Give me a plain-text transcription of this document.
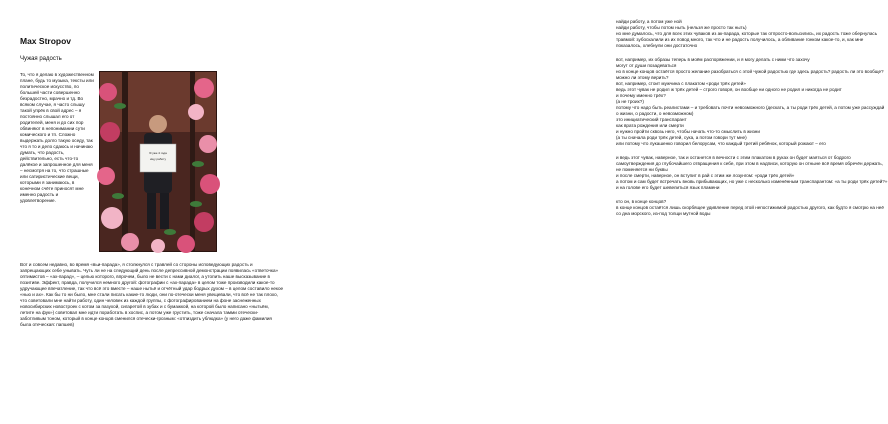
Max Stropov
Чужая радость

То, что я делаю в художественном плане, будь то музыка, тексты или политическое искусство, по большей части совершенно безрадостно, мрачно и тд. Во всяком случае, я часто слышу такой упрёк в свой адрес – я постоянно слышал его от родителей, меня и до сих пор обвиняют в непонимании сути комического и тп. Сложно выдержать долго такую оседу, так что я то и дело сдаюсь и начинаю думать, что радость, действительно, есть что-то далёкое и запрошенное для меня – несмотря на то, что страшные или сатиристические вещи, которыми я занимаюсь, в конечном счёте приносят мне именно радость и удовлетворение.

Я уже 4 года
ищу работу

Вот и совсем недавно, во время «вьи-парада», я столкнулся с травлей со стороны исповедующих радость и запрещающих себе унывать. Чуть ли не на следующий день после депрессивной демонстрации появилась «ответочка» оптимистов – «ах-парад», – целью которого, впрочем, было не вести с нами диалог, а утопить наше высказывание в позитиве. Эффект, правда, получился немного другой: фотографии с «ах-парада» в целом тоже производили какое-то удручающее впечатление, так что всё это вместе – наше нытьё и отчётный удар бодрых духом – в целом составило некое «нью и ах». Как бы то ни было, мне стали писать какие-то люди, они по-отечески меня увещевали, что всё не так плохо, что советовали мне найти работу, один человек из каждой группы, с фотографированием на фоне заснеженных новосибирских новостроек с котом за пазухой, сигаретой в зубах и с бумажкой, на которой было написано «нытьём, летите на фук») советовал мне идти поработать в хоспис, а потом уже грустить, тоже сначала тамми отечески-заботливым тоном, который в конце концов сменился отечески-грозным: «отпиздить ублюдка» (у него даже фамилия была отеческая: папшев)

найди работу, а потом уже ной
найди работу, чтобы потом ныть (нельзя же просто так ныть)
но мне думалось, что для всех этих чуваков из ак-парада, которые так отпросто-вольсились, их радость тоже обернулась травмой: зубоскалили из их повод много, так что и не радость получилось, а обливание гонком какое-то, и, как мне показалось, хлебнули они достаточно

вот, например, их образы теперь в моём распоряжении, и я могу делать с ними что захочу
могут от души позадеваться
но в конце концов остаётся просто желание разобраться с этой чужой радостью где здесь радость? радость ли это вообще?
можно ли этому верить?
вот, например, стоит мужчина с плакатом «роди трёх детей»
ведь этот чувак не родил ж трёх детей – строго говоря, он вообще ни одного не родил и никогда не родит
и почему именно трёх?
(а не троих?)
потому что надо быть реалистами – и требовать почти невозможного (дескать, а ты роди трёх детей, а потом уже рассуждай о жизни, о радости, о невозможном)
это инициатический транспарант
как врата рождения или смерти
и нужно пройти сквозь него, чтобы начать что-то смыслить в жизни
(а ты сначала роди трёх детей, сука, а потом говори тут мне)
или потому что лукашенко говорил белорусам, что каждый третий ребёнок, который рожают – его

и ведь этот чувак, наверное, так и останется в вечности с этим плакатом в руках он будет маяться от бодрого самоутверждения до глубочайшего отвращения к себе, при этом в надписи, которую он отныне всё время обречён держать, не поменяется ни буквы
и после смерти, наверное, он вступит в рай с этим же лозунгом: «роди трёх детей»
а потом и сам будет встречать вновь прибывающих, но уже с несколько изменённым транспарантом: «а ты роди трёх детей?»
и на голове его будет шевелиться язык пламени

кто он, в конце концов?
в конце концов остаётся лишь скорбящее удивление перед этой непостижимой радостью другого, как будто я смотрю на неё со дна морского, из-под толщи мутной воды
